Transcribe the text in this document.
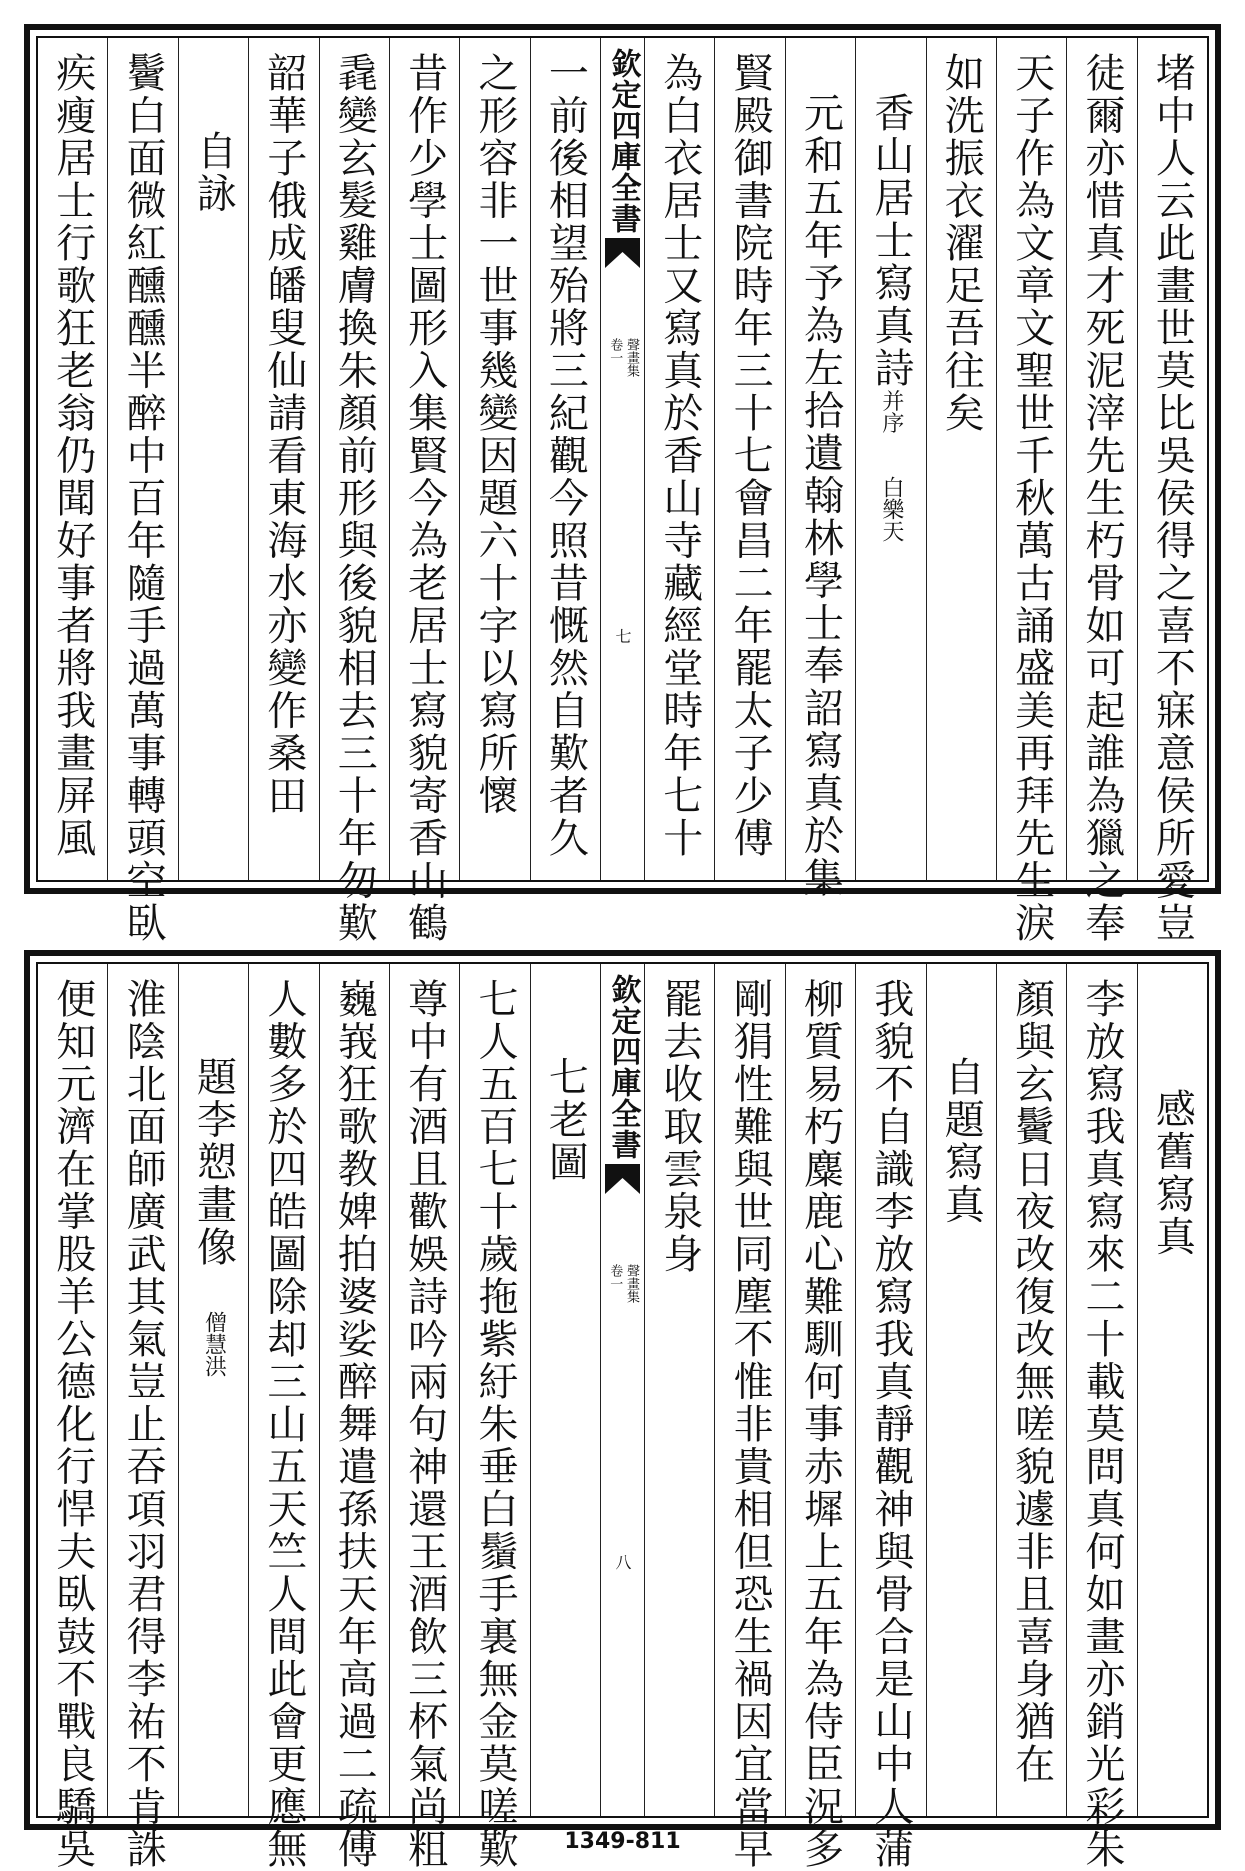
堵中人云此畫世莫比吳侯得之喜不寐意侯所愛豈
徒爾亦惜真才死泥滓先生朽骨如可起誰為獵之奉
天子作為文章文聖世千秋萬古誦盛美再拜先生淚
如洗振衣濯足吾往矣
香山居士寫真詩并序　白樂天
元和五年予為左拾遺翰林學士奉詔寫真於集
賢殿御書院時年三十七會昌二年罷太子少傅
為白衣居士又寫真於香山寺藏經堂時年七十
欽定四庫全書
卷一 聲畫集
七
一前後相望殆將三紀觀今照昔慨然自歎者久
之形容非一世事幾變因題六十字以寫所懷
昔作少學士圖形入集賢今為老居士寫貌寄香山鶴
毳變玄髮雞膚換朱顏前形與後貌相去三十年勿歎
韶華子俄成皤叟仙請看東海水亦變作桑田
自詠
鬢白面微紅醺醺半醉中百年隨手過萬事轉頭空臥
疾瘦居士行歌狂老翁仍聞好事者將我畫屏風
感舊寫真
李放寫我真寫來二十載莫問真何如畫亦銷光彩朱
顏與玄鬢日夜改復改無嗟貌遽非且喜身猶在
自題寫真
我貌不自識李放寫我真靜觀神與骨合是山中人蒲
柳質易朽麋鹿心難馴何事赤墀上五年為侍臣況多
剛狷性難與世同塵不惟非貴相但恐生禍因宜當早
罷去收取雲泉身
欽定四庫全書
卷一 聲畫集
八
七老圖
七人五百七十歲拖紫紆朱垂白鬚手裏無金莫嗟歎
尊中有酒且歡娛詩吟兩句神還王酒飲三杯氣尚粗
巍峩狂歌教婢拍婆娑醉舞遣孫扶天年高過二疏傅
人數多於四皓圖除却三山五天竺人間此會更應無
題李愬畫像　僧慧洪
淮陰北面師廣武其氣豈止吞項羽君得李祐不肯誅
便知元濟在掌股羊公德化行悍夫臥鼓不戰良驕吳	1349-811
